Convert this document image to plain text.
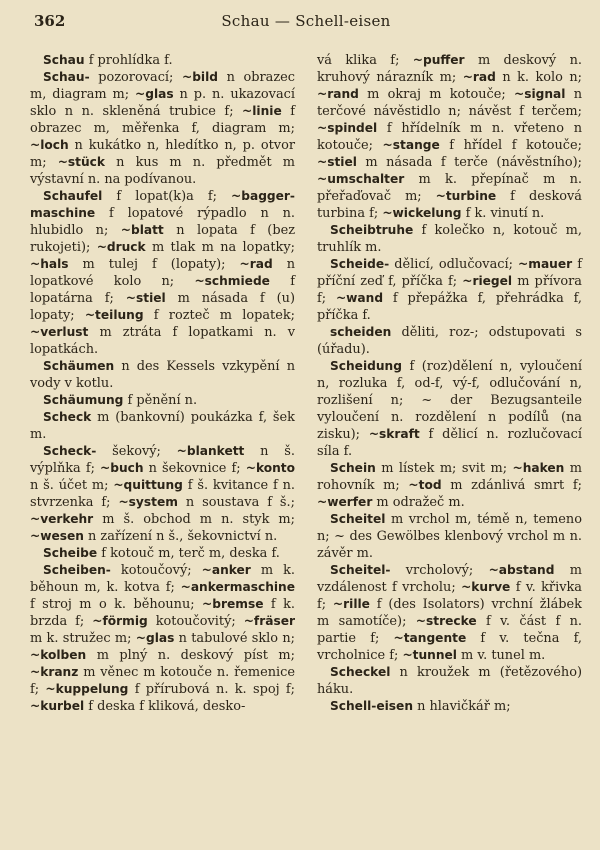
362	Schau — Schell-eisen
Schau f prohlídka f.
Schau- pozorovací; ~bild n obrazec m, diagram m; ~glas n p. n. ukazovací sklo n n. skleněná trubice f; ~linie f obrazec m, měřenka f, diagram m; ~loch n kukátko n, hledítko n, p. otvor m; ~stück n kus m n. předmět m výstavní n. na podívanou.
Schaufel f lopat(k)a f; ~bagger-maschine f lopatové rýpadlo n n. hlubidlo n; ~blatt n lopata f (bez rukojeti); ~druck m tlak m na lopatky; ~hals m tulej f (lopaty); ~rad n lopatkové kolo n; ~schmiede f lopatárna f; ~stiel m násada f (u) lopaty; ~teilung f rozteč m lopatek; ~verlust m ztráta f lopatkami n. v lopatkách.
Schäumen n des Kessels vzkypění n vody v kotlu.
Schäumung f pěnění n.
Scheck m (bankovní) poukázka f, šek m.
Scheck- šekový; ~blankett n š. výplňka f; ~buch n šekovnice f; ~konto n š. účet m; ~quittung f š. kvitance f n. stvrzenka f; ~system n soustava f š.; ~verkehr m š. obchod m n. styk m; ~wesen n zařízení n š., šekovnictví n.
Scheibe f kotouč m, terč m, deska f.
Scheiben- kotoučový; ~anker m k. běhoun m, k. kotva f; ~ankermaschine f stroj m o k. běhounu; ~bremse f k. brzda f; ~förmig kotoučovitý; ~fräser m k. stružec m; ~glas n tabulové sklo n; ~kolben m plný n. deskový píst m; ~kranz m věnec m kotouče n. řemenice f; ~kuppelung f přírubová n. k. spoj f; ~kurbel f deska f kliková, desko-
vá klika f; ~puffer m deskový n. kruhový nárazník m; ~rad n k. kolo n; ~rand m okraj m kotouče; ~signal n terčové návěstidlo n; návěst f terčem; ~spindel f hřídelník m n. vřeteno n kotouče; ~stange f hřídel f kotouče; ~stiel m násada f terče (návěstního); ~umschalter m k. přepínač m n. přeřaďovač m; ~turbine f desková turbina f; ~wickelung f k. vinutí n.
Scheibtruhe f kolečko n, kotouč m, truhlík m.
Scheide- dělicí, odlučovací; ~mauer f příční zeď f, příčka f; ~riegel m přívora f; ~wand f přepážka f, přehrádka f, příčka f.
scheiden děliti, roz-; odstupovati s (úřadu).
Scheidung f (roz)dělení n, vyloučení n, rozluka f, od-f, vý-f, odlučování n, rozlišení n; ~ der Bezugsanteile vyloučení n. rozdělení n podílů (na zisku); ~skraft f dělicí n. rozlučovací síla f.
Schein m lístek m; svit m; ~haken m rohovník m; ~tod m zdánlivá smrt f; ~werfer m odražeč m.
Scheitel m vrchol m, témě n, temeno n; ~ des Gewölbes klenbový vrchol m n. závěr m.
Scheitel- vrcholový; ~abstand m vzdálenost f vrcholu; ~kurve f v. křivka f; ~rille f (des Isolators) vrchní žlábek m samotíče); ~strecke f v. část f n. partie f; ~tangente f v. tečna f, vrcholnice f; ~tunnel m v. tunel m.
Scheckel n kroužek m (řetězového) háku.
Schell-eisen n hlavičkář m;
